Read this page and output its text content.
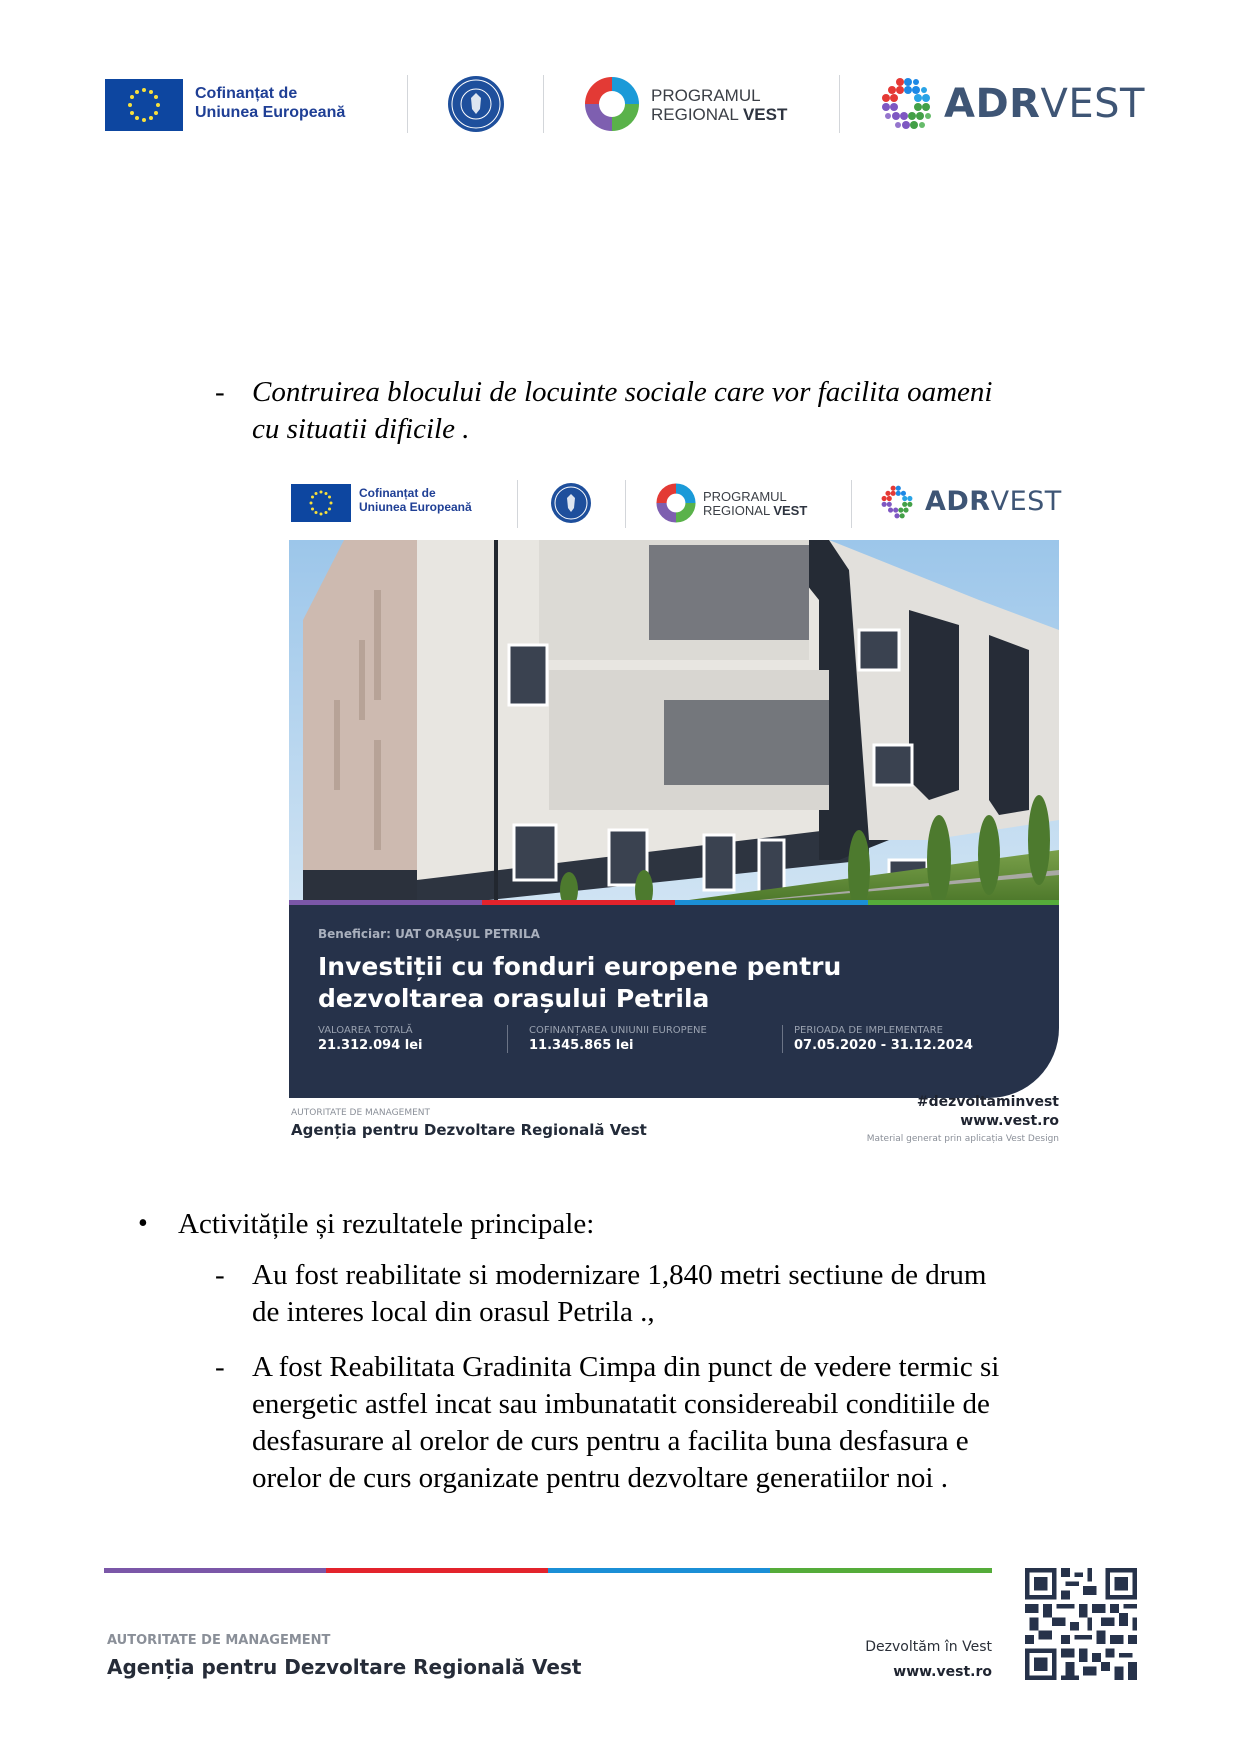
Cofinanțat de
Uniunea Europeană
PROGRAMUL
REGIONAL VEST	ADRVEST
- Contruirea blocului de locuinte sociale care vor facilita oameni
cu situatii dificile .
Cofinanțat de
Uniunea Europeană
PROGRAMUL
REGIONAL VEST	ADRVEST
Beneficiar: UAT ORAȘUL PETRILA
Investiții cu fonduri europene pentru
dezvoltarea orașului Petrila
VALOAREA TOTALĂ
21.312.094 lei
COFINANȚAREA UNIUNII EUROPENE
11.345.865 lei
PERIOADA DE IMPLEMENTARE
07.05.2020 - 31.12.2024
AUTORITATE DE MANAGEMENT
Agenția pentru Dezvoltare Regională Vest
#dezvoltaminvest
www.vest.ro
Material generat prin aplicația Vest Design
• Activitățile și rezultatele principale:
- Au fost reabilitate si modernizare 1,840 metri sectiune de drum
de interes local din orasul Petrila .,
- A fost Reabilitata Gradinita Cimpa din punct de vedere termic si
energetic astfel incat sau imbunatatit considereabil conditiile de
desfasurare al orelor de curs pentru a facilita buna desfasura e
orelor de curs organizate pentru dezvoltare generatiilor noi .
AUTORITATE DE MANAGEMENT
Agenția pentru Dezvoltare Regională Vest
Dezvoltăm în Vest
www.vest.ro
